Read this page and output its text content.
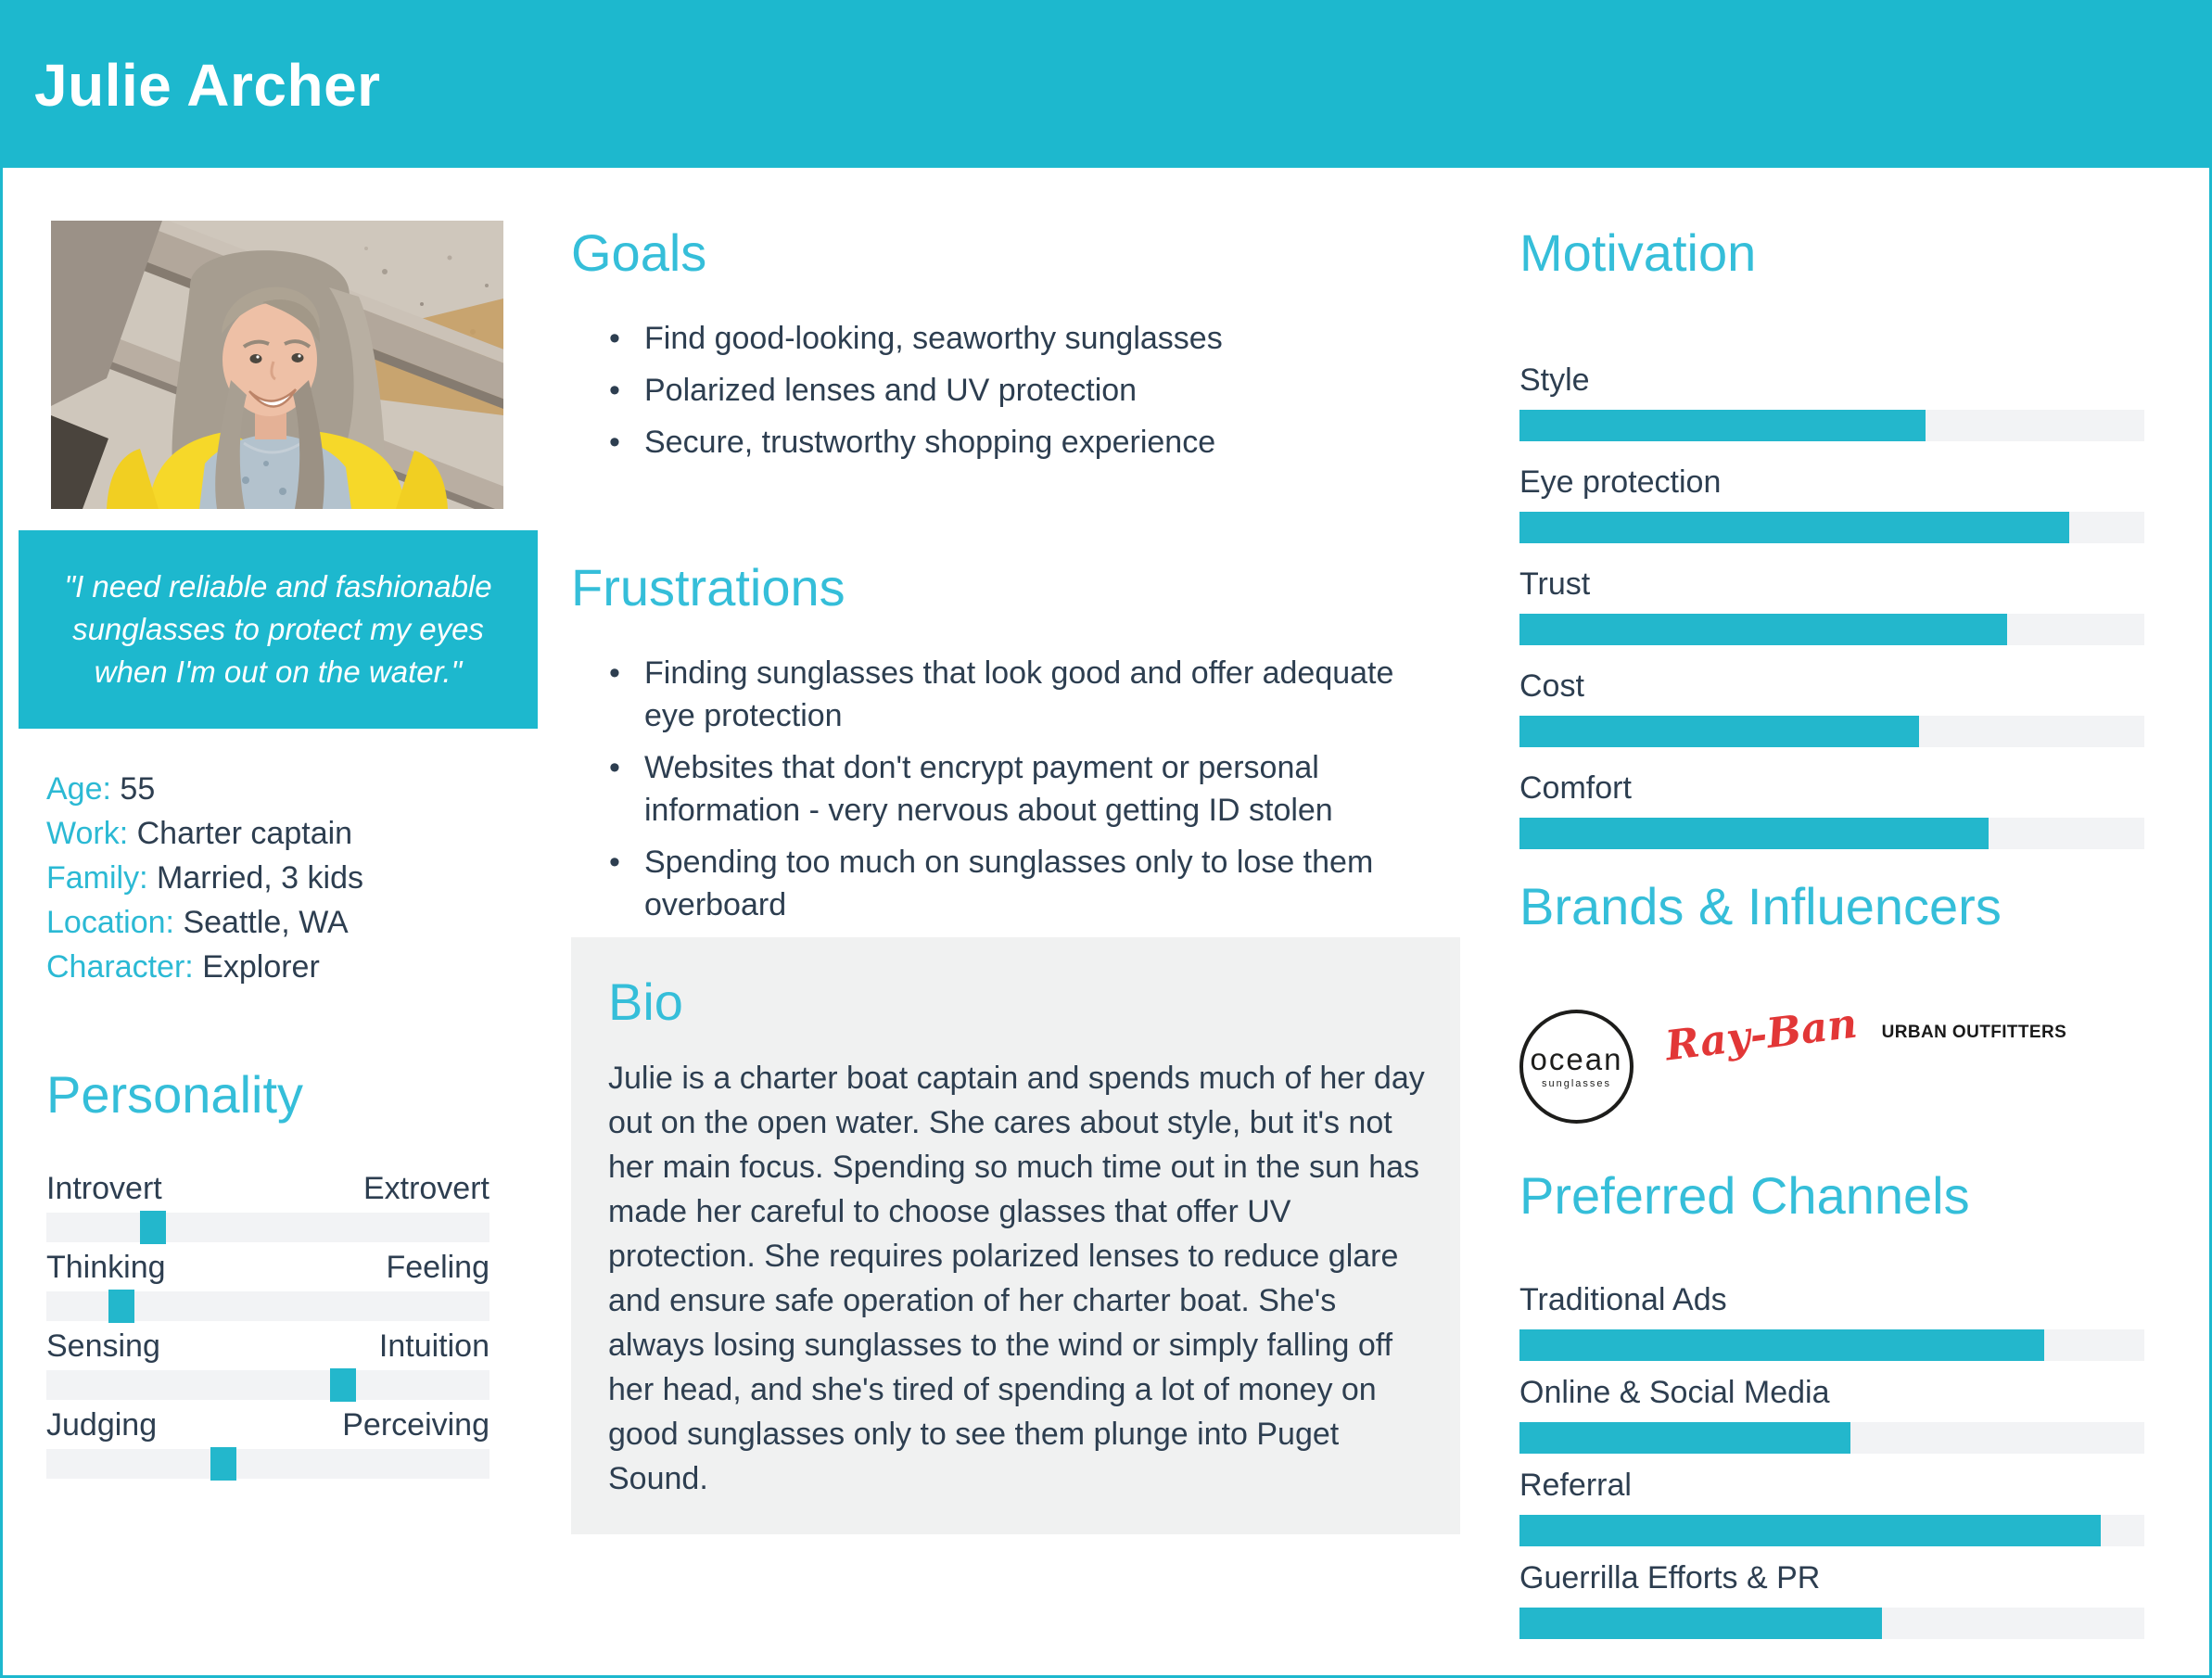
Julie Archer
"I need reliable and fashionable sunglasses to protect my eyes when I'm out on the water."
Age: 55
Work: Charter captain
Family: Married, 3 kids
Location: Seattle, WA
Character: Explorer
Personality
Introvert	Extrovert
Thinking	Feeling
Sensing	Intuition
Judging	Perceiving
Goals
• Find good-looking, seaworthy sunglasses
• Polarized lenses and UV protection
• Secure, trustworthy shopping experience
Frustrations
• Finding sunglasses that look good and offer adequate eye protection
• Websites that don't encrypt payment or personal information - very nervous about getting ID stolen
• Spending too much on sunglasses only to lose them overboard
Bio

Julie is a charter boat captain and spends much of her day out on the open water. She cares about style, but it's not her main focus. Spending so much time out in the sun has made her careful to choose glasses that offer UV protection. She requires polarized lenses to reduce glare and ensure safe operation of her charter boat. She's always losing sunglasses to the wind or simply falling off her head, and she's tired of spending a lot of money on good sunglasses only to see them plunge into Puget Sound.

Motivation
Style
Eye protection
Trust
Cost
Comfort
Brands & Influencers
ocean
sunglasses
Ray-Ban URBAN OUTFITTERS
Preferred Channels
Traditional Ads
Online & Social Media
Referral
Guerrilla Efforts & PR
